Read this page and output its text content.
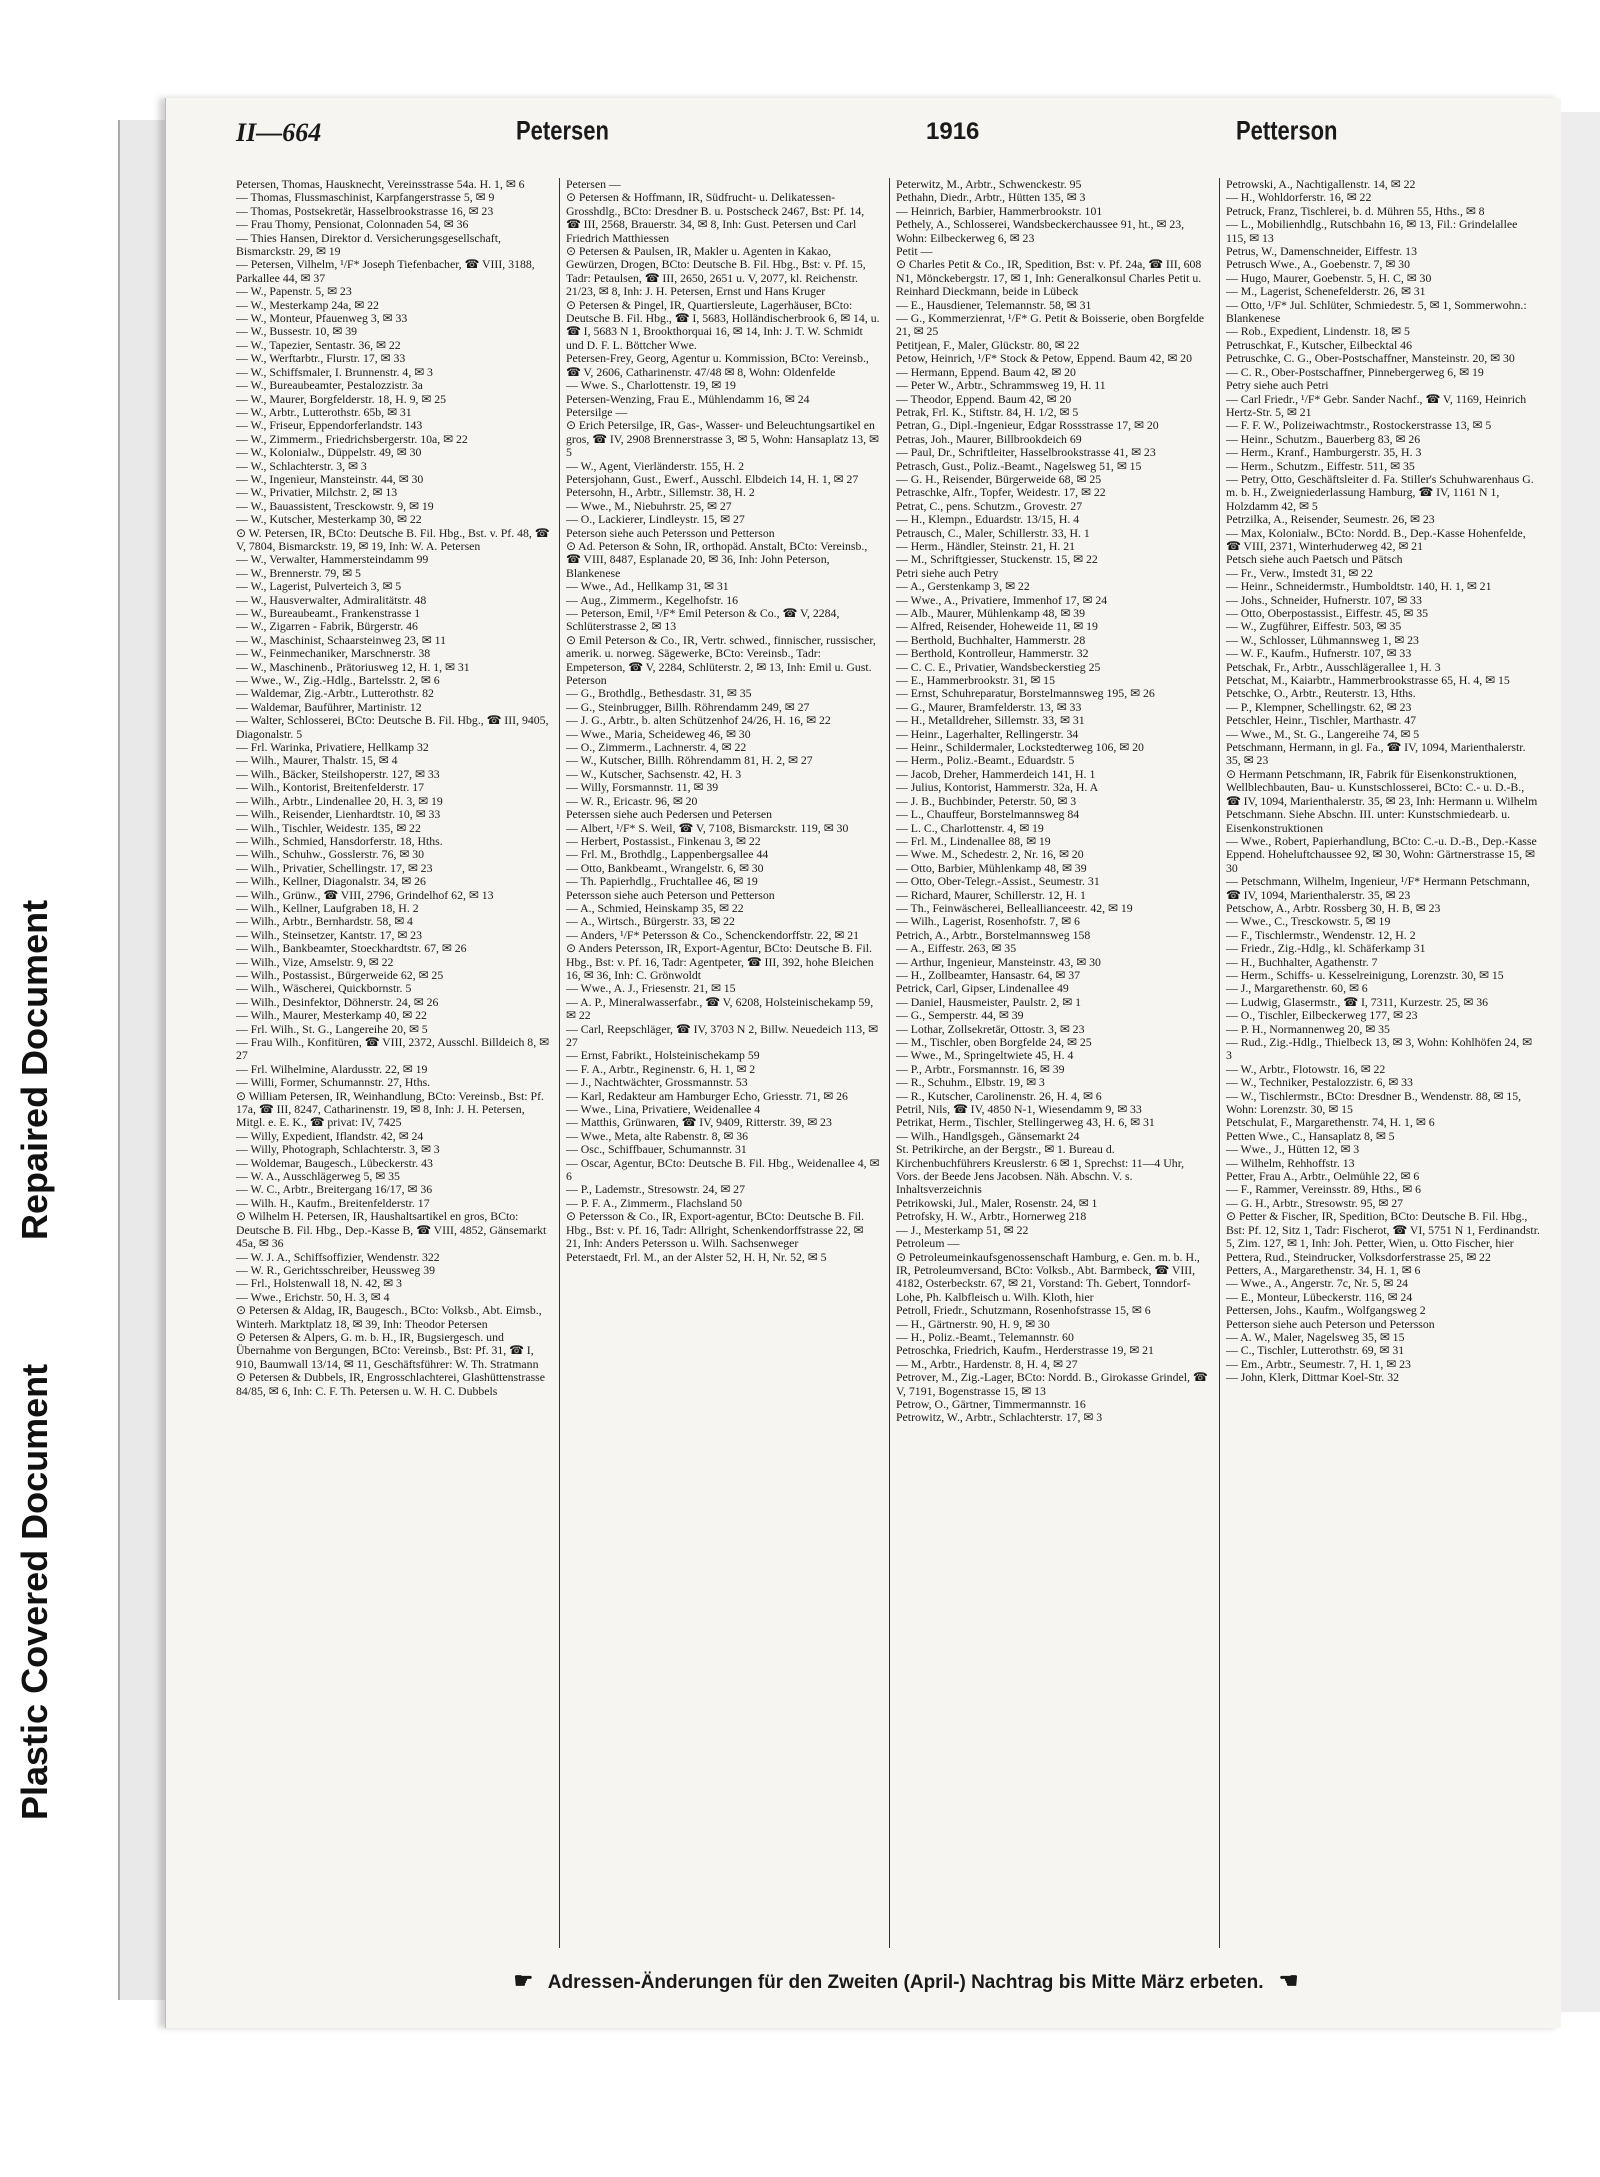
Plastic Covered Document
Repaired Document
II—664	Petersen	1916	Petterson

Petersen, Thomas, Hausknecht, Vereinsstrasse 54a. H. 1, ✉ 6

— Thomas, Flussmaschinist, Karpfangerstrasse 5, ✉ 9

— Thomas, Postsekretär, Hasselbrookstrasse 16, ✉ 23

— Frau Thomy, Pensionat, Colonnaden 54, ✉ 36

— Thies Hansen, Direktor d. Versicherungsgesellschaft, Bismarckstr. 29, ✉ 19

— Petersen, Vilhelm, ¹/F* Joseph Tiefenbacher, ☎ VIII, 3188, Parkallee 44, ✉ 37

— W., Papenstr. 5, ✉ 23

— W., Mesterkamp 24a, ✉ 22

— W., Monteur, Pfauenweg 3, ✉ 33

— W., Bussestr. 10, ✉ 39

— W., Tapezier, Sentastr. 36, ✉ 22

— W., Werftarbtr., Flurstr. 17, ✉ 33

— W., Schiffsmaler, I. Brunnenstr. 4, ✉ 3

— W., Bureaubeamter, Pestalozzistr. 3a

— W., Maurer, Borgfelderstr. 18, H. 9, ✉ 25

— W., Arbtr., Lutterothstr. 65b, ✉ 31

— W., Friseur, Eppendorferlandstr. 143

— W., Zimmerm., Friedrichsbergerstr. 10a, ✉ 22

— W., Kolonialw., Düppelstr. 49, ✉ 30

— W., Schlachterstr. 3, ✉ 3

— W., Ingenieur, Mansteinstr. 44, ✉ 30

— W., Privatier, Milchstr. 2, ✉ 13

— W., Bauassistent, Tresckowstr. 9, ✉ 19

— W., Kutscher, Mesterkamp 30, ✉ 22

⊙ W. Petersen, IR, BCto: Deutsche B. Fil. Hbg., Bst. v. Pf. 48, ☎ V, 7804, Bismarckstr. 19, ✉ 19, Inh: W. A. Petersen

— W., Verwalter, Hammersteindamm 99

— W., Brennerstr. 79, ✉ 5

— W., Lagerist, Pulverteich 3, ✉ 5

— W., Hausverwalter, Admiralitätstr. 48

— W., Bureaubeamt., Frankenstrasse 1

— W., Zigarren - Fabrik, Bürgerstr. 46

— W., Maschinist, Schaarsteinweg 23, ✉ 11

— W., Feinmechaniker, Marschnerstr. 38

— W., Maschinenb., Prätoriusweg 12, H. 1, ✉ 31

— Wwe., W., Zig.-Hdlg., Bartelsstr. 2, ✉ 6

— Waldemar, Zig.-Arbtr., Lutterothstr. 82

— Waldemar, Bauführer, Martinistr. 12

— Walter, Schlosserei, BCto: Deutsche B. Fil. Hbg., ☎ III, 9405, Diagonalstr. 5

— Frl. Warinka, Privatiere, Hellkamp 32

— Wilh., Maurer, Thalstr. 15, ✉ 4

— Wilh., Bäcker, Steilshoperstr. 127, ✉ 33

— Wilh., Kontorist, Breitenfelderstr. 17

— Wilh., Arbtr., Lindenallee 20, H. 3, ✉ 19

— Wilh., Reisender, Lienhardtstr. 10, ✉ 33

— Wilh., Tischler, Weidestr. 135, ✉ 22

— Wilh., Schmied, Hansdorferstr. 18, Hths.

— Wilh., Schuhw., Gosslerstr. 76, ✉ 30

— Wilh., Privatier, Schellingstr. 17, ✉ 23

— Wilh., Kellner, Diagonalstr. 34, ✉ 26

— Wilh., Grünw., ☎ VIII, 2796, Grindelhof 62, ✉ 13

— Wilh., Kellner, Laufgraben 18, H. 2

— Wilh., Arbtr., Bernhardstr. 58, ✉ 4

— Wilh., Steinsetzer, Kantstr. 17, ✉ 23

— Wilh., Bankbeamter, Stoeckhardtstr. 67, ✉ 26

— Wilh., Vize, Amselstr. 9, ✉ 22

— Wilh., Postassist., Bürgerweide 62, ✉ 25

— Wilh., Wäscherei, Quickbornstr. 5

— Wilh., Desinfektor, Döhnerstr. 24, ✉ 26

— Wilh., Maurer, Mesterkamp 40, ✉ 22

— Frl. Wilh., St. G., Langereihe 20, ✉ 5

— Frau Wilh., Konfitüren, ☎ VIII, 2372, Ausschl. Billdeich 8, ✉ 27

— Frl. Wilhelmine, Alardusstr. 22, ✉ 19

— Willi, Former, Schumannstr. 27, Hths.

⊙ William Petersen, IR, Weinhandlung, BCto: Vereinsb., Bst: Pf. 17a, ☎ III, 8247, Catharinenstr. 19, ✉ 8, Inh: J. H. Petersen, Mitgl. e. E. K., ☎ privat: IV, 7425

— Willy, Expedient, Iflandstr. 42, ✉ 24

— Willy, Photograph, Schlachterstr. 3, ✉ 3

— Woldemar, Baugesch., Lübeckerstr. 43

— W. A., Ausschlägerweg 5, ✉ 35

— W. C., Arbtr., Breitergang 16/17, ✉ 36

— Wilh. H., Kaufm., Breitenfelderstr. 17

⊙ Wilhelm H. Petersen, IR, Haushaltsartikel en gros, BCto: Deutsche B. Fil. Hbg., Dep.-Kasse B, ☎ VIII, 4852, Gänsemarkt 45a, ✉ 36

— W. J. A., Schiffsoffizier, Wendenstr. 322

— W. R., Gerichtsschreiber, Heussweg 39

— Frl., Holstenwall 18, N. 42, ✉ 3

— Wwe., Erichstr. 50, H. 3, ✉ 4

⊙ Petersen & Aldag, IR, Baugesch., BCto: Volksb., Abt. Eimsb., Winterh. Marktplatz 18, ✉ 39, Inh: Theodor Petersen

⊙ Petersen & Alpers, G. m. b. H., IR, Bugsiergesch. und Übernahme von Bergungen, BCto: Vereinsb., Bst: Pf. 31, ☎ I, 910, Baumwall 13/14, ✉ 11, Geschäftsführer: W. Th. Stratmann

⊙ Petersen & Dubbels, IR, Engrosschlachterei, Glashüttenstrasse 84/85, ✉ 6, Inh: C. F. Th. Petersen u. W. H. C. Dubbels

Petersen —

⊙ Petersen & Hoffmann, IR, Südfrucht- u. Delikatessen-Grosshdlg., BCto: Dresdner B. u. Postscheck 2467, Bst: Pf. 14, ☎ III, 2568, Brauerstr. 34, ✉ 8, Inh: Gust. Petersen und Carl Friedrich Matthiessen

⊙ Petersen & Paulsen, IR, Makler u. Agenten in Kakao, Gewürzen, Drogen, BCto: Deutsche B. Fil. Hbg., Bst: v. Pf. 15, Tadr: Petaulsen, ☎ III, 2650, 2651 u. V, 2077, kl. Reichenstr. 21/23, ✉ 8, Inh: J. H. Petersen, Ernst und Hans Kruger

⊙ Petersen & Pingel, IR, Quartiersleute, Lagerhäuser, BCto: Deutsche B. Fil. Hbg., ☎ I, 5683, Holländischerbrook 6, ✉ 14, u. ☎ I, 5683 N 1, Brookthorquai 16, ✉ 14, Inh: J. T. W. Schmidt und D. F. L. Böttcher Wwe.

Petersen-Frey, Georg, Agentur u. Kommission, BCto: Vereinsb., ☎ V, 2606, Catharinenstr. 47/48 ✉ 8, Wohn: Oldenfelde

— Wwe. S., Charlottenstr. 19, ✉ 19

Petersen-Wenzing, Frau E., Mühlendamm 16, ✉ 24

Petersilge —

⊙ Erich Petersilge, IR, Gas-, Wasser- und Beleuchtungsartikel en gros, ☎ IV, 2908 Brennerstrasse 3, ✉ 5, Wohn: Hansaplatz 13, ✉ 5

— W., Agent, Vierländerstr. 155, H. 2

Petersjohann, Gust., Ewerf., Ausschl. Elbdeich 14, H. 1, ✉ 27

Petersohn, H., Arbtr., Sillemstr. 38, H. 2

— Wwe., M., Niebuhrstr. 25, ✉ 27

— O., Lackierer, Lindleystr. 15, ✉ 27

Peterson siehe auch Petersson und Petterson

⊙ Ad. Peterson & Sohn, IR, orthopäd. Anstalt, BCto: Vereinsb., ☎ VIII, 8487, Esplanade 20, ✉ 36, Inh: John Peterson, Blankenese

— Wwe., Ad., Hellkamp 31, ✉ 31

— Aug., Zimmerm., Kegelhofstr. 16

— Peterson, Emil, ¹/F* Emil Peterson & Co., ☎ V, 2284, Schlüterstrasse 2, ✉ 13

⊙ Emil Peterson & Co., IR, Vertr. schwed., finnischer, russischer, amerik. u. norweg. Sägewerke, BCto: Vereinsb., Tadr: Empeterson, ☎ V, 2284, Schlüterstr. 2, ✉ 13, Inh: Emil u. Gust. Peterson

— G., Brothdlg., Bethesdastr. 31, ✉ 35

— G., Steinbrugger, Billh. Röhrendamm 249, ✉ 27

— J. G., Arbtr., b. alten Schützenhof 24/26, H. 16, ✉ 22

— Wwe., Maria, Scheideweg 46, ✉ 30

— O., Zimmerm., Lachnerstr. 4, ✉ 22

— W., Kutscher, Billh. Röhrendamm 81, H. 2, ✉ 27

— W., Kutscher, Sachsenstr. 42, H. 3

— Willy, Forsmannstr. 11, ✉ 39

— W. R., Ericastr. 96, ✉ 20

Peterssen siehe auch Pedersen und Petersen

— Albert, ¹/F* S. Weil, ☎ V, 7108, Bismarckstr. 119, ✉ 30

— Herbert, Postassist., Finkenau 3, ✉ 22

— Frl. M., Brothdlg., Lappenbergsallee 44

— Otto, Bankbeamt., Wrangelstr. 6, ✉ 30

— Th. Papierhdlg., Fruchtallee 46, ✉ 19

Petersson siehe auch Peterson und Petterson

— A., Schmied, Heinskamp 35, ✉ 22

— A., Wirtsch., Bürgerstr. 33, ✉ 22

— Anders, ¹/F* Petersson & Co., Schenckendorffstr. 22, ✉ 21

⊙ Anders Petersson, IR, Export-Agentur, BCto: Deutsche B. Fil. Hbg., Bst: v. Pf. 16, Tadr: Agentpeter, ☎ III, 392, hohe Bleichen 16, ✉ 36, Inh: C. Grönwoldt

— Wwe., A. J., Friesenstr. 21, ✉ 15

— A. P., Mineralwasserfabr., ☎ V, 6208, Holsteinischekamp 59, ✉ 22

— Carl, Reepschläger, ☎ IV, 3703 N 2, Billw. Neuedeich 113, ✉ 27

— Ernst, Fabrikt., Holsteinischekamp 59

— F. A., Arbtr., Reginenstr. 6, H. 1, ✉ 2

— J., Nachtwächter, Grossmannstr. 53

— Karl, Redakteur am Hamburger Echo, Griesstr. 71, ✉ 26

— Wwe., Lina, Privatiere, Weidenallee 4

— Matthis, Grünwaren, ☎ IV, 9409, Ritterstr. 39, ✉ 23

— Wwe., Meta, alte Rabenstr. 8, ✉ 36

— Osc., Schiffbauer, Schumannstr. 31

— Oscar, Agentur, BCto: Deutsche B. Fil. Hbg., Weidenallee 4, ✉ 6

— P., Lademstr., Stresowstr. 24, ✉ 27

— P. F. A., Zimmerm., Flachsland 50

⊙ Petersson & Co., IR, Export-agentur, BCto: Deutsche B. Fil. Hbg., Bst: v. Pf. 16, Tadr: Allright, Schenkendorffstrasse 22, ✉ 21, Inh: Anders Petersson u. Wilh. Sachsenweger

Peterstaedt, Frl. M., an der Alster 52, H. H, Nr. 52, ✉ 5

Peterwitz, M., Arbtr., Schwenckestr. 95

Pethahn, Diedr., Arbtr., Hütten 135, ✉ 3

— Heinrich, Barbier, Hammerbrookstr. 101

Pethely, A., Schlosserei, Wandsbeckerchaussee 91, ht., ✉ 23, Wohn: Eilbeckerweg 6, ✉ 23

Petit —

⊙ Charles Petit & Co., IR, Spedition, Bst: v. Pf. 24a, ☎ III, 608 N1, Mönckebergstr. 17, ✉ 1, Inh: Generalkonsul Charles Petit u. Reinhard Dieckmann, beide in Lübeck

— E., Hausdiener, Telemannstr. 58, ✉ 31

— G., Kommerzienrat, ¹/F* G. Petit & Boisserie, oben Borgfelde 21, ✉ 25

Petitjean, F., Maler, Glückstr. 80, ✉ 22

Petow, Heinrich, ¹/F* Stock & Petow, Eppend. Baum 42, ✉ 20

— Hermann, Eppend. Baum 42, ✉ 20

— Peter W., Arbtr., Schrammsweg 19, H. 11

— Theodor, Eppend. Baum 42, ✉ 20

Petrak, Frl. K., Stiftstr. 84, H. 1/2, ✉ 5

Petran, G., Dipl.-Ingenieur, Edgar Rossstrasse 17, ✉ 20

Petras, Joh., Maurer, Billbrookdeich 69

— Paul, Dr., Schriftleiter, Hasselbrookstrasse 41, ✉ 23

Petrasch, Gust., Poliz.-Beamt., Nagelsweg 51, ✉ 15

— G. H., Reisender, Bürgerweide 68, ✉ 25

Petraschke, Alfr., Topfer, Weidestr. 17, ✉ 22

Petrat, C., pens. Schutzm., Grovestr. 27

— H., Klempn., Eduardstr. 13/15, H. 4

Petrausch, C., Maler, Schillerstr. 33, H. 1

— Herm., Händler, Steinstr. 21, H. 21

— M., Schriftgiesser, Stuckenstr. 15, ✉ 22

Petri siehe auch Petry

— A., Gerstenkamp 3, ✉ 22

— Wwe., A., Privatiere, Immenhof 17, ✉ 24

— Alb., Maurer, Mühlenkamp 48, ✉ 39

— Alfred, Reisender, Hoheweide 11, ✉ 19

— Berthold, Buchhalter, Hammerstr. 28

— Berthold, Kontrolleur, Hammerstr. 32

— C. C. E., Privatier, Wandsbeckerstieg 25

— E., Hammerbrookstr. 31, ✉ 15

— Ernst, Schuhreparatur, Borstelmannsweg 195, ✉ 26

— G., Maurer, Bramfelderstr. 13, ✉ 33

— H., Metalldreher, Sillemstr. 33, ✉ 31

— Heinr., Lagerhalter, Rellingerstr. 34

— Heinr., Schildermaler, Lockstedterweg 106, ✉ 20

— Herm., Poliz.-Beamt., Eduardstr. 5

— Jacob, Dreher, Hammerdeich 141, H. 1

— Julius, Kontorist, Hammerstr. 32a, H. A

— J. B., Buchbinder, Peterstr. 50, ✉ 3

— L., Chauffeur, Borstelmannsweg 84

— L. C., Charlottenstr. 4, ✉ 19

— Frl. M., Lindenallee 88, ✉ 19

— Wwe. M., Schedestr. 2, Nr. 16, ✉ 20

— Otto, Barbier, Mühlenkamp 48, ✉ 39

— Otto, Ober-Telegr.-Assist., Seumestr. 31

— Richard, Maurer, Schillerstr. 12, H. 1

— Th., Feinwäscherei, Belleallianceestr. 42, ✉ 19

— Wilh., Lagerist, Rosenhofstr. 7, ✉ 6

Petrich, A., Arbtr., Borstelmannsweg 158

— A., Eiffestr. 263, ✉ 35

— Arthur, Ingenieur, Mansteinstr. 43, ✉ 30

— H., Zollbeamter, Hansastr. 64, ✉ 37

Petrick, Carl, Gipser, Lindenallee 49

— Daniel, Hausmeister, Paulstr. 2, ✉ 1

— G., Semperstr. 44, ✉ 39

— Lothar, Zollsekretär, Ottostr. 3, ✉ 23

— M., Tischler, oben Borgfelde 24, ✉ 25

— Wwe., M., Springeltwiete 45, H. 4

— P., Arbtr., Forsmannstr. 16, ✉ 39

— R., Schuhm., Elbstr. 19, ✉ 3

— R., Kutscher, Carolinenstr. 26, H. 4, ✉ 6

Petril, Nils, ☎ IV, 4850 N-1, Wiesendamm 9, ✉ 33

Petrikat, Herm., Tischler, Stellingerweg 43, H. 6, ✉ 31

— Wilh., Handlgsgeh., Gänsemarkt 24

St. Petrikirche, an der Bergstr., ✉ 1. Bureau d. Kirchenbuchführers Kreuslerstr. 6 ✉ 1, Sprechst: 11—4 Uhr, Vors. der Beede Jens Jacobsen. Näh. Abschn. V. s. Inhaltsverzeichnis

Petrikowski, Jul., Maler, Rosenstr. 24, ✉ 1

Petrofsky, H. W., Arbtr., Hornerweg 218

— J., Mesterkamp 51, ✉ 22

Petroleum —

⊙ Petroleumeinkaufsgenossenschaft Hamburg, e. Gen. m. b. H., IR, Petroleumversand, BCto: Volksb., Abt. Barmbeck, ☎ VIII, 4182, Osterbeckstr. 67, ✉ 21, Vorstand: Th. Gebert, Tonndorf-Lohe, Ph. Kalbfleisch u. Wilh. Kloth, hier

Petroll, Friedr., Schutzmann, Rosenhofstrasse 15, ✉ 6

— H., Gärtnerstr. 90, H. 9, ✉ 30

— H., Poliz.-Beamt., Telemannstr. 60

Petroschka, Friedrich, Kaufm., Herderstrasse 19, ✉ 21

— M., Arbtr., Hardenstr. 8, H. 4, ✉ 27

Petrover, M., Zig.-Lager, BCto: Nordd. B., Girokasse Grindel, ☎ V, 7191, Bogenstrasse 15, ✉ 13

Petrow, O., Gärtner, Timmermannstr. 16

Petrowitz, W., Arbtr., Schlachterstr. 17, ✉ 3

Petrowski, A., Nachtigallenstr. 14, ✉ 22

— H., Wohldorferstr. 16, ✉ 22

Petruck, Franz, Tischlerei, b. d. Mühren 55, Hths., ✉ 8

— L., Mobilienhdlg., Rutschbahn 16, ✉ 13, Fil.: Grindelallee 115, ✉ 13

Petrus, W., Damenschneider, Eiffestr. 13

Petrusch Wwe., A., Goebenstr. 7, ✉ 30

— Hugo, Maurer, Goebenstr. 5, H. C, ✉ 30

— M., Lagerist, Schenefelderstr. 26, ✉ 31

— Otto, ¹/F* Jul. Schlüter, Schmiedestr. 5, ✉ 1, Sommerwohn.: Blankenese

— Rob., Expedient, Lindenstr. 18, ✉ 5

Petruschkat, F., Kutscher, Eilbecktal 46

Petruschke, C. G., Ober-Postschaffner, Mansteinstr. 20, ✉ 30

— C. R., Ober-Postschaffner, Pinnebergerweg 6, ✉ 19

Petry siehe auch Petri

— Carl Friedr., ¹/F* Gebr. Sander Nachf., ☎ V, 1169, Heinrich Hertz-Str. 5, ✉ 21

— F. F. W., Polizeiwachtmstr., Rostockerstrasse 13, ✉ 5

— Heinr., Schutzm., Bauerberg 83, ✉ 26

— Herm., Kranf., Hamburgerstr. 35, H. 3

— Herm., Schutzm., Eiffestr. 511, ✉ 35

— Petry, Otto, Geschäftsleiter d. Fa. Stiller's Schuhwarenhaus G. m. b. H., Zweigniederlassung Hamburg, ☎ IV, 1161 N 1, Holzdamm 42, ✉ 5

Petrzilka, A., Reisender, Seumestr. 26, ✉ 23

— Max, Kolonialw., BCto: Nordd. B., Dep.-Kasse Hohenfelde, ☎ VIII, 2371, Winterhuderweg 42, ✉ 21

Petsch siehe auch Paetsch und Pätsch

— Fr., Verw., Imstedt 31, ✉ 22

— Heinr., Schneidermstr., Humboldtstr. 140, H. 1, ✉ 21

— Johs., Schneider, Hufnerstr. 107, ✉ 33

— Otto, Oberpostassist., Eiffestr. 45, ✉ 35

— W., Zugführer, Eiffestr. 503, ✉ 35

— W., Schlosser, Lühmannsweg 1, ✉ 23

— W. F., Kaufm., Hufnerstr. 107, ✉ 33

Petschak, Fr., Arbtr., Ausschlägerallee 1, H. 3

Petschat, M., Kaiarbtr., Hammerbrookstrasse 65, H. 4, ✉ 15

Petschke, O., Arbtr., Reuterstr. 13, Hths.

— P., Klempner, Schellingstr. 62, ✉ 23

Petschler, Heinr., Tischler, Marthastr. 47

— Wwe., M., St. G., Langereihe 74, ✉ 5

Petschmann, Hermann, in gl. Fa., ☎ IV, 1094, Marienthalerstr. 35, ✉ 23

⊙ Hermann Petschmann, IR, Fabrik für Eisenkonstruktionen, Wellblechbauten, Bau- u. Kunstschlosserei, BCto: C.- u. D.-B., ☎ IV, 1094, Marienthalerstr. 35, ✉ 23, Inh: Hermann u. Wilhelm Petschmann. Siehe Abschn. III. unter: Kunstschmiedearb. u. Eisenkonstruktionen

— Wwe., Robert, Papierhandlung, BCto: C.-u. D.-B., Dep.-Kasse Eppend. Hoheluftchaussee 92, ✉ 30, Wohn: Gärtnerstrasse 15, ✉ 30

— Petschmann, Wilhelm, Ingenieur, ¹/F* Hermann Petschmann, ☎ IV, 1094, Marienthalerstr. 35, ✉ 23

Petschow, A., Arbtr. Rossberg 30, H. B, ✉ 23

— Wwe., C., Tresckowstr. 5, ✉ 19

— F., Tischlermstr., Wendenstr. 12, H. 2

— Friedr., Zig.-Hdlg., kl. Schäferkamp 31

— H., Buchhalter, Agathenstr. 7

— Herm., Schiffs- u. Kesselreinigung, Lorenzstr. 30, ✉ 15

— J., Margarethenstr. 60, ✉ 6

— Ludwig, Glasermstr., ☎ I, 7311, Kurzestr. 25, ✉ 36

— O., Tischler, Eilbeckerweg 177, ✉ 23

— P. H., Normannenweg 20, ✉ 35

— Rud., Zig.-Hdlg., Thielbeck 13, ✉ 3, Wohn: Kohlhöfen 24, ✉ 3

— W., Arbtr., Flotowstr. 16, ✉ 22

— W., Techniker, Pestalozzistr. 6, ✉ 33

— W., Tischlermstr., BCto: Dresdner B., Wendenstr. 88, ✉ 15, Wohn: Lorenzstr. 30, ✉ 15

Petschulat, F., Margarethenstr. 74, H. 1, ✉ 6

Petten Wwe., C., Hansaplatz 8, ✉ 5

— Wwe., J., Hütten 12, ✉ 3

— Wilhelm, Rehhoffstr. 13

Petter, Frau A., Arbtr., Oelmühle 22, ✉ 6

— F., Rammer, Vereinsstr. 89, Hths., ✉ 6

— G. H., Arbtr., Stresowstr. 95, ✉ 27

⊙ Petter & Fischer, IR, Spedition, BCto: Deutsche B. Fil. Hbg., Bst: Pf. 12, Sitz 1, Tadr: Fischerot, ☎ VI, 5751 N 1, Ferdinandstr. 5, Zim. 127, ✉ 1, Inh: Joh. Petter, Wien, u. Otto Fischer, hier

Pettera, Rud., Steindrucker, Volksdorferstrasse 25, ✉ 22

Petters, A., Margarethenstr. 34, H. 1, ✉ 6

— Wwe., A., Angerstr. 7c, Nr. 5, ✉ 24

— E., Monteur, Lübeckerstr. 116, ✉ 24

Pettersen, Johs., Kaufm., Wolfgangsweg 2

Petterson siehe auch Peterson und Petersson

— A. W., Maler, Nagelsweg 35, ✉ 15

— C., Tischler, Lutterothstr. 69, ✉ 31

— Em., Arbtr., Seumestr. 7, H. 1, ✉ 23

— John, Klerk, Dittmar Koel-Str. 32

☛ Adressen-Änderungen für den Zweiten (April-) Nachtrag bis Mitte März erbeten. ☚
